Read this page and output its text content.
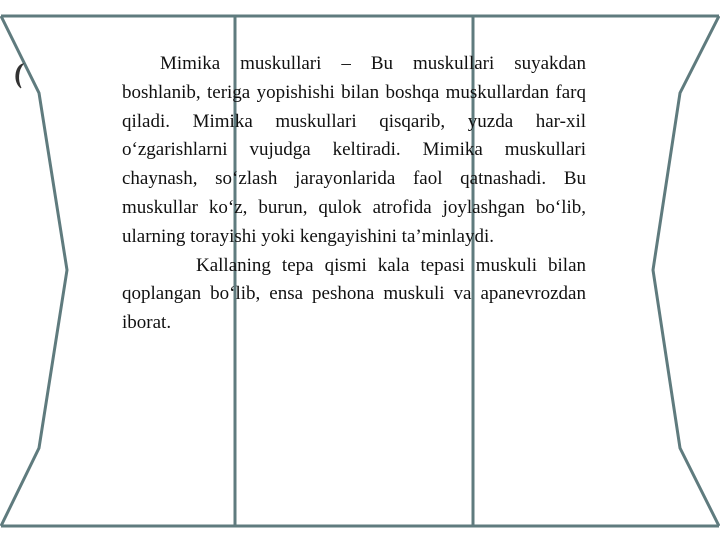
Mimika muskullari – Bu muskullari suyakdan boshlanib, teriga yopishishi bilan boshqa muskullardan farq qiladi. Mimika muskullari qisqarib, yuzda har-xil o‘zgarishlarni vujudga keltiradi. Mimika muskullari chaynash, so‘zlash jarayonlarida faol qatnashadi. Bu muskullar ko‘z, burun, qulok atrofida joylashgan bo‘lib, ularning torayishi yoki kengayishini ta’minlaydi.

Kallaning tepa qismi kala tepasi muskuli bilan qoplangan bo‘lib, ensa peshona muskuli va apanevrozdan iborat.
